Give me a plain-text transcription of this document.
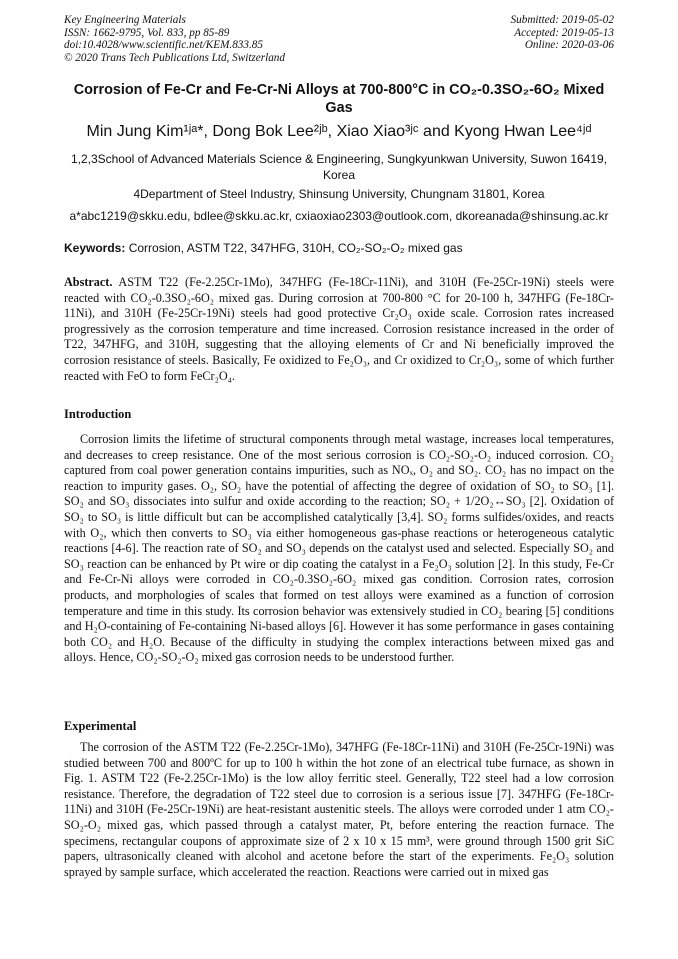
Key Engineering Materials
ISSN: 1662-9795, Vol. 833, pp 85-89
doi:10.4028/www.scientific.net/KEM.833.85
© 2020 Trans Tech Publications Ltd, Switzerland
Submitted: 2019-05-02
Accepted: 2019-05-13
Online: 2020-03-06
Corrosion of Fe-Cr and Fe-Cr-Ni Alloys at 700-800°C in CO₂-0.3SO₂-6O₂ Mixed Gas
Min Jung Kim¹ʲᵃ*, Dong Bok Lee²ʲᵇ, Xiao Xiao³ʲᶜ and Kyong Hwan Lee⁴ʲᵈ
1,2,3School of Advanced Materials Science & Engineering, Sungkyunkwan University, Suwon 16419, Korea
4Department of Steel Industry, Shinsung University, Chungnam 31801, Korea
a*abc1219@skku.edu, bdlee@skku.ac.kr, cxiaoxiao2303@outlook.com, dkoreanada@shinsung.ac.kr
Keywords: Corrosion, ASTM T22, 347HFG, 310H, CO₂-SO₂-O₂ mixed gas
Abstract. ASTM T22 (Fe-2.25Cr-1Mo), 347HFG (Fe-18Cr-11Ni), and 310H (Fe-25Cr-19Ni) steels were reacted with CO₂-0.3SO₂-6O₂ mixed gas. During corrosion at 700-800 °C for 20-100 h, 347HFG (Fe-18Cr-11Ni), and 310H (Fe-25Cr-19Ni) steels had good protective Cr₂O₃ oxide scale. Corrosion rates increased progressively as the corrosion temperature and time increased. Corrosion resistance increased in the order of T22, 347HFG, and 310H, suggesting that the alloying elements of Cr and Ni beneficially improved the corrosion resistance of steels. Basically, Fe oxidized to Fe₂O₃, and Cr oxidized to Cr₂O₃, some of which further reacted with FeO to form FeCr₂O₄.
Introduction
Corrosion limits the lifetime of structural components through metal wastage, increases local temperatures, and decreases to creep resistance. One of the most serious corrosion is CO₂-SO₂-O₂ induced corrosion. CO₂ captured from coal power generation contains impurities, such as NOₓ, O₂ and SO₂. CO₂ has no impact on the reaction to impurity gases. O₂, SO₂ have the potential of affecting the degree of oxidation of SO₂ to SO₃ [1]. SO₂ and SO₃ dissociates into sulfur and oxide according to the reaction; SO₂ + 1/2O₂↔SO₃ [2]. Oxidation of SO₂ to SO₃ is little difficult but can be accomplished catalytically [3,4]. SO₂ forms sulfides/oxides, and reacts with O₂, which then converts to SO₃ via either homogeneous gas-phase reactions or heterogeneous catalytic reactions [4-6]. The reaction rate of SO₂ and SO₃ depends on the catalyst used and selected. Especially SO₂ and SO₃ reaction can be enhanced by Pt wire or dip coating the catalyst in a Fe₂O₃ solution [2]. In this study, Fe-Cr and Fe-Cr-Ni alloys were corroded in CO₂-0.3SO₂-6O₂ mixed gas condition. Corrosion rates, corrosion products, and morphologies of scales that formed on test alloys were examined as a function of corrosion temperature and time in this study. Its corrosion behavior was extensively studied in CO₂ bearing [5] conditions and H₂O-containing of Fe-containing Ni-based alloys [6]. However it has some performance in gases containing both CO₂ and H₂O. Because of the difficulty in studying the complex interactions between mixed gas and alloys. Hence, CO₂-SO₂-O₂ mixed gas corrosion needs to be understood further.
Experimental
The corrosion of the ASTM T22 (Fe-2.25Cr-1Mo), 347HFG (Fe-18Cr-11Ni) and 310H (Fe-25Cr-19Ni) was studied between 700 and 800ºC for up to 100 h within the hot zone of an electrical tube furnace, as shown in Fig. 1. ASTM T22 (Fe-2.25Cr-1Mo) is the low alloy ferritic steel. Generally, T22 steel had a low corrosion resistance. Therefore, the degradation of T22 steel due to corrosion is a serious issue [7]. 347HFG (Fe-18Cr-11Ni) and 310H (Fe-25Cr-19Ni) are heat-resistant austenitic steels. The alloys were corroded under 1 atm CO₂-SO₂-O₂ mixed gas, which passed through a catalyst mater, Pt, before entering the reaction furnace. The specimens, rectangular coupons of approximate size of 2 x 10 x 15 mm³, were ground through 1500 grit SiC papers, ultrasonically cleaned with alcohol and acetone before the start of the experiments. Fe₂O₃ solution sprayed by sample surface, which accelerated the reaction. Reactions were carried out in mixed gas
